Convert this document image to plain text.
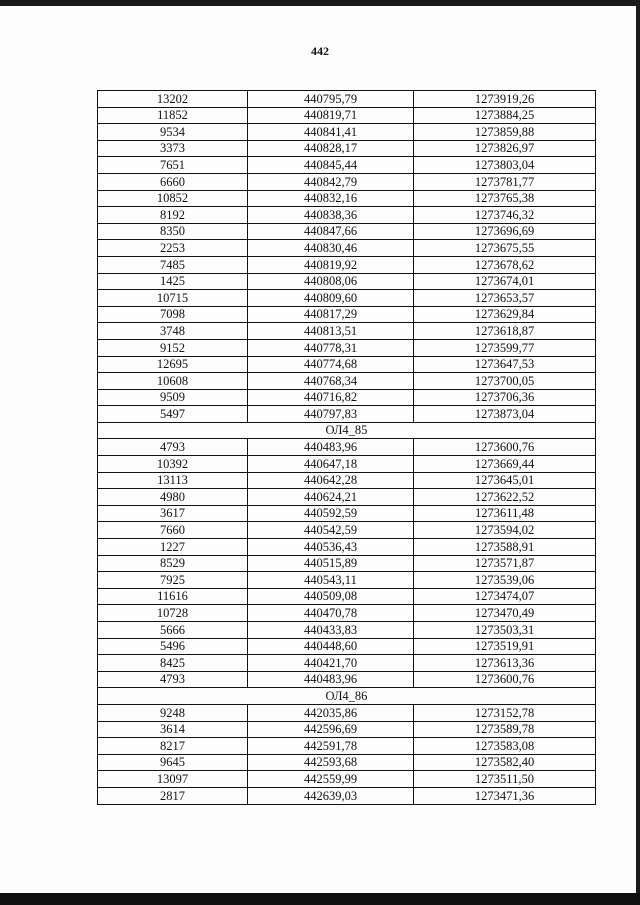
442
13202	440795,79	1273919,26
11852	440819,71	1273884,25
9534	440841,41	1273859,88
3373	440828,17	1273826,97
7651	440845,44	1273803,04
6660	440842,79	1273781,77
10852	440832,16	1273765,38
8192	440838,36	1273746,32
8350	440847,66	1273696,69
2253	440830,46	1273675,55
7485	440819,92	1273678,62
1425	440808,06	1273674,01
10715	440809,60	1273653,57
7098	440817,29	1273629,84
3748	440813,51	1273618,87
9152	440778,31	1273599,77
12695	440774,68	1273647,53
10608	440768,34	1273700,05
9509	440716,82	1273706,36
5497	440797,83	1273873,04
ОЛ4_85		
4793	440483,96	1273600,76
10392	440647,18	1273669,44
13113	440642,28	1273645,01
4980	440624,21	1273622,52
3617	440592,59	1273611,48
7660	440542,59	1273594,02
1227	440536,43	1273588,91
8529	440515,89	1273571,87
7925	440543,11	1273539,06
11616	440509,08	1273474,07
10728	440470,78	1273470,49
5666	440433,83	1273503,31
5496	440448,60	1273519,91
8425	440421,70	1273613,36
4793	440483,96	1273600,76
ОЛ4_86		
9248	442035,86	1273152,78
3614	442596,69	1273589,78
8217	442591,78	1273583,08
9645	442593,68	1273582,40
13097	442559,99	1273511,50
2817	442639,03	1273471,36
